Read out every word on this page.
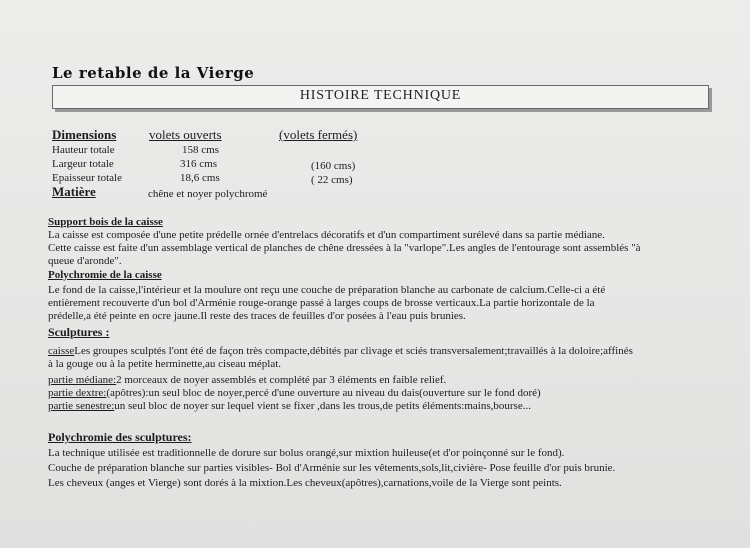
Le retable de la Vierge
HISTOIRE TECHNIQUE
Dimensions	volets ouverts	(volets fermés)
Hauteur totale	158 cms
Largeur totale	316 cms	(160 cms)
Epaisseur totale	18,6 cms	( 22 cms)
Matière	chêne et noyer polychromé
Support bois de la caisse
La caisse est composée d'une petite prédelle ornée d'entrelacs décoratifs et d'un compartiment surélevé dans sa partie médiane.
Cette caisse est faite d'un assemblage vertical de planches de chêne dressées à la "varlope".Les angles de l'entourage sont assemblés "à
queue d'aronde".
Polychromie de la caisse
Le fond de la caisse,l'intérieur et la moulure ont reçu une couche de préparation blanche au carbonate de calcium.Celle-ci a été
entièrement recouverte d'un bol d'Arménie rouge-orange passé à larges coups de brosse verticaux.La partie horizontale de la
prédelle,a été peinte en ocre jaune.Il reste des traces de feuilles d'or posées à l'eau puis brunies.
Sculptures :
caisseLes groupes sculptés l'ont été de façon très compacte,débités par clivage et sciés transversalement;travaillés à la doloire;affinés
à la gouge ou à la petite herminette,au ciseau méplat.
partie médiane:2 morceaux de noyer assemblés et complété par 3 éléments en faible relief.
partie dextre:(apôtres):un seul bloc de noyer,percé d'une ouverture au niveau du dais(ouverture sur le fond doré)
partie senestre:un seul bloc de noyer sur lequel vient se fixer ,dans les trous,de petits éléments:mains,bourse...
Polychromie des sculptures:
La technique utilisée est traditionnelle de dorure sur bolus orangé,sur mixtion huileuse(et d'or poinçonné sur le fond).
Couche de préparation blanche sur parties visibles- Bol d'Arménie sur les vêtements,sols,lit,civière- Pose feuille d'or puis brunie.
Les cheveux (anges et Vierge) sont dorés à la mixtion.Les cheveux(apôtres),carnations,voile de la Vierge sont peints.
